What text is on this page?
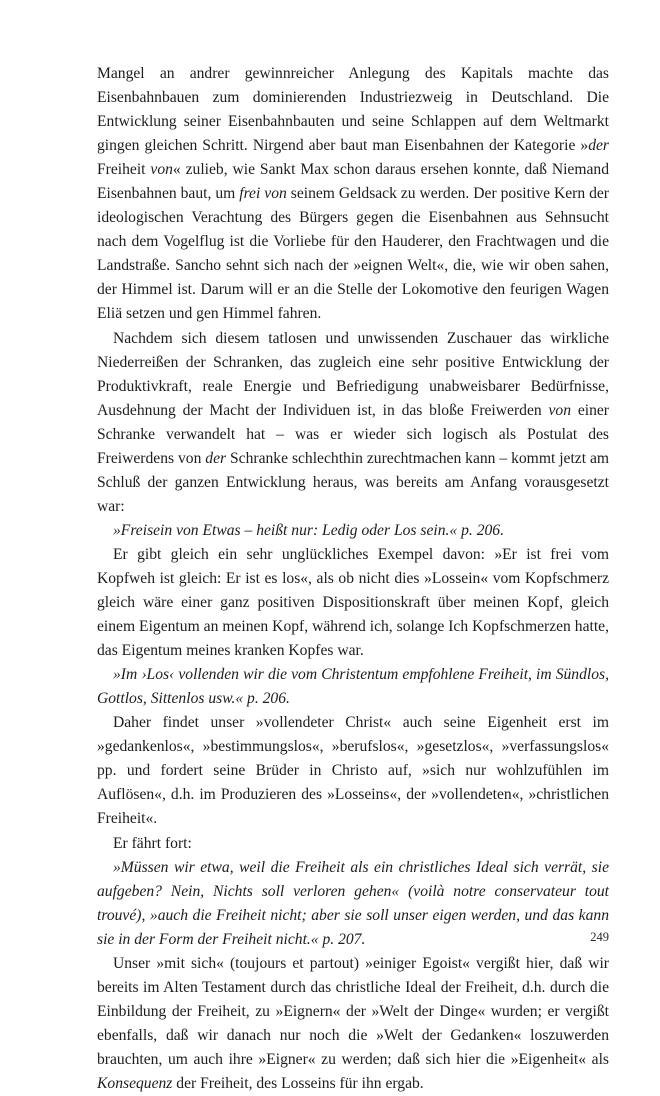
Mangel an andrer gewinnreicher Anlegung des Kapitals machte das Eisenbahnbauen zum dominierenden Industriezweig in Deutschland. Die Entwicklung seiner Eisenbahnbauten und seine Schlappen auf dem Weltmarkt gingen gleichen Schritt. Nirgend aber baut man Eisenbahnen der Kategorie »der Freiheit von« zulieb, wie Sankt Max schon daraus ersehen konnte, daß Niemand Eisenbahnen baut, um frei von seinem Geldsack zu werden. Der positive Kern der ideologischen Verachtung des Bürgers gegen die Eisenbahnen aus Sehnsucht nach dem Vogelflug ist die Vorliebe für den Hauderer, den Frachtwagen und die Landstraße. Sancho sehnt sich nach der »eignen Welt«, die, wie wir oben sahen, der Himmel ist. Darum will er an die Stelle der Lokomotive den feurigen Wagen Eliä setzen und gen Himmel fahren.

Nachdem sich diesem tatlosen und unwissenden Zuschauer das wirkliche Niederreißen der Schranken, das zugleich eine sehr positive Entwicklung der Produktivkraft, reale Energie und Befriedigung unabweisbarer Bedürfnisse, Ausdehnung der Macht der Individuen ist, in das bloße Freiwerden von einer Schranke verwandelt hat – was er wieder sich logisch als Postulat des Freiwerdens von der Schranke schlechthin zurechtmachen kann – kommt jetzt am Schluß der ganzen Entwicklung heraus, was bereits am Anfang vorausgesetzt war:

»Freisein von Etwas – heißt nur: Ledig oder Los sein.« p. 206.

Er gibt gleich ein sehr unglückliches Exempel davon: »Er ist frei vom Kopfweh ist gleich: Er ist es los«, als ob nicht dies »Lossein« vom Kopfschmerz gleich wäre einer ganz positiven Dispositionskraft über meinen Kopf, gleich einem Eigentum an meinen Kopf, während ich, solange Ich Kopfschmerzen hatte, das Eigentum meines kranken Kopfes war.

»Im ›Los‹ vollenden wir die vom Christentum empfohlene Freiheit, im Sündlos, Gottlos, Sittenlos usw.« p. 206.

Daher findet unser »vollendeter Christ« auch seine Eigenheit erst im »gedankenlos«, »bestimmungslos«, »berufslos«, »gesetzlos«, »verfassungslos« pp. und fordert seine Brüder in Christo auf, »sich nur wohlzufühlen im Auflösen«, d.h. im Produzieren des »Losseins«, der »vollendeten«, »christlichen Freiheit«.

Er fährt fort:

»Müssen wir etwa, weil die Freiheit als ein christliches Ideal sich verrät, sie aufgeben? Nein, Nichts soll verloren gehen« (voilà notre conservateur tout trouvé), »auch die Freiheit nicht; aber sie soll unser eigen werden, und das kann sie in der Form der Freiheit nicht.« p. 207.

Unser »mit sich« (toujours et partout) »einiger Egoist« vergißt hier, daß wir bereits im Alten Testament durch das christliche Ideal der Freiheit, d.h. durch die Einbildung der Freiheit, zu »Eignern« der »Welt der Dinge« wurden; er vergißt ebenfalls, daß wir danach nur noch die »Welt der Gedanken« loszuwerden brauchten, um auch ihre »Eigner« zu werden; daß sich hier die »Eigenheit« als Konsequenz der Freiheit, des Losseins für ihn ergab.

249
